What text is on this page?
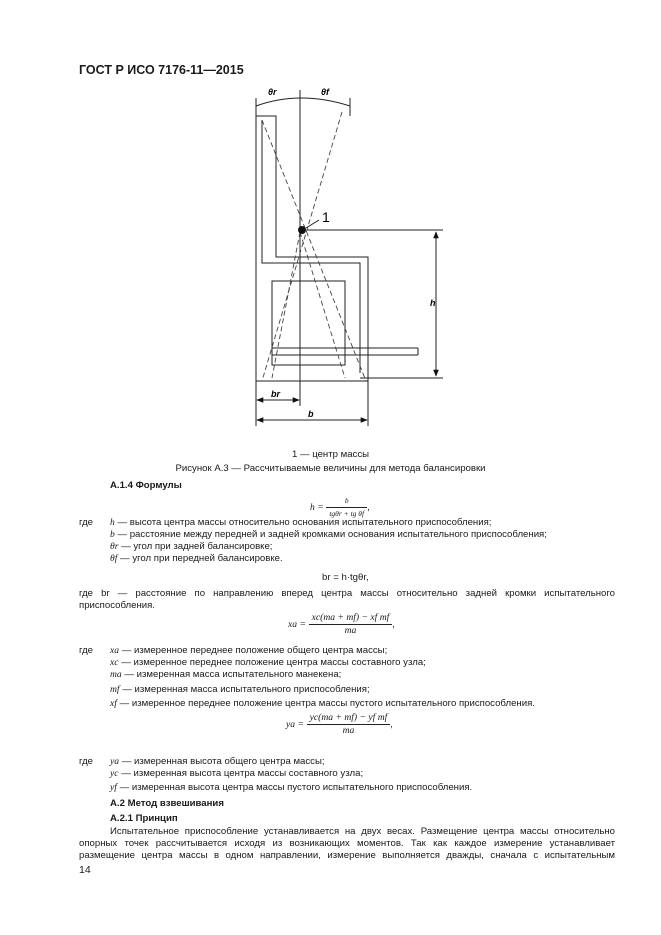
ГОСТ Р ИСО 7176-11—2015
θr	θf
1
h
br
b
1 — центр массы
Рисунок А.3 — Рассчитываемые величины для метода балансировки
А.1.4 Формулы
$h = \frac{b}{\text{tgθr + tg θf}}$ ,
где h — высота центра массы относительно основания испытательного приспособления;
b — расстояние между передней и задней кромками основания испытательного приспособления;
θr — угол при задней балансировке;
θf — угол при передней балансировке.
br = h·tgθr,
где br — расстояние по направлению вперед центра массы относительно задней кромки испытательного
приспособления.
xa = $\frac{\text{xc(ma + mf) − xf mf}}{ma}$ ,
где xa — измеренное переднее положение общего центра массы;
xc — измеренное переднее положение центра массы составного узла;
ma — измеренная масса испытательного манекена;
mf — измеренная масса испытательного приспособления;
xf — измеренное переднее положение центра массы пустого испытательного приспособления.
ya = $\frac{\text{yc(ma + mf) − yf mf}}{ma}$ ,
где ya — измеренная высота общего центра массы;
yc — измеренная высота центра массы составного узла;
yf — измеренная высота центра массы пустого испытательного приспособления.
А.2 Метод взвешивания
А.2.1 Принцип
Испытательное приспособление устанавливается на двух весах. Размещение центра массы относительно
опорных точек рассчитывается исходя из возникающих моментов. Так как каждое измерение устанавливает
размещение центра массы в одном направлении, измерение выполняется дважды, сначала с испытательным
14
